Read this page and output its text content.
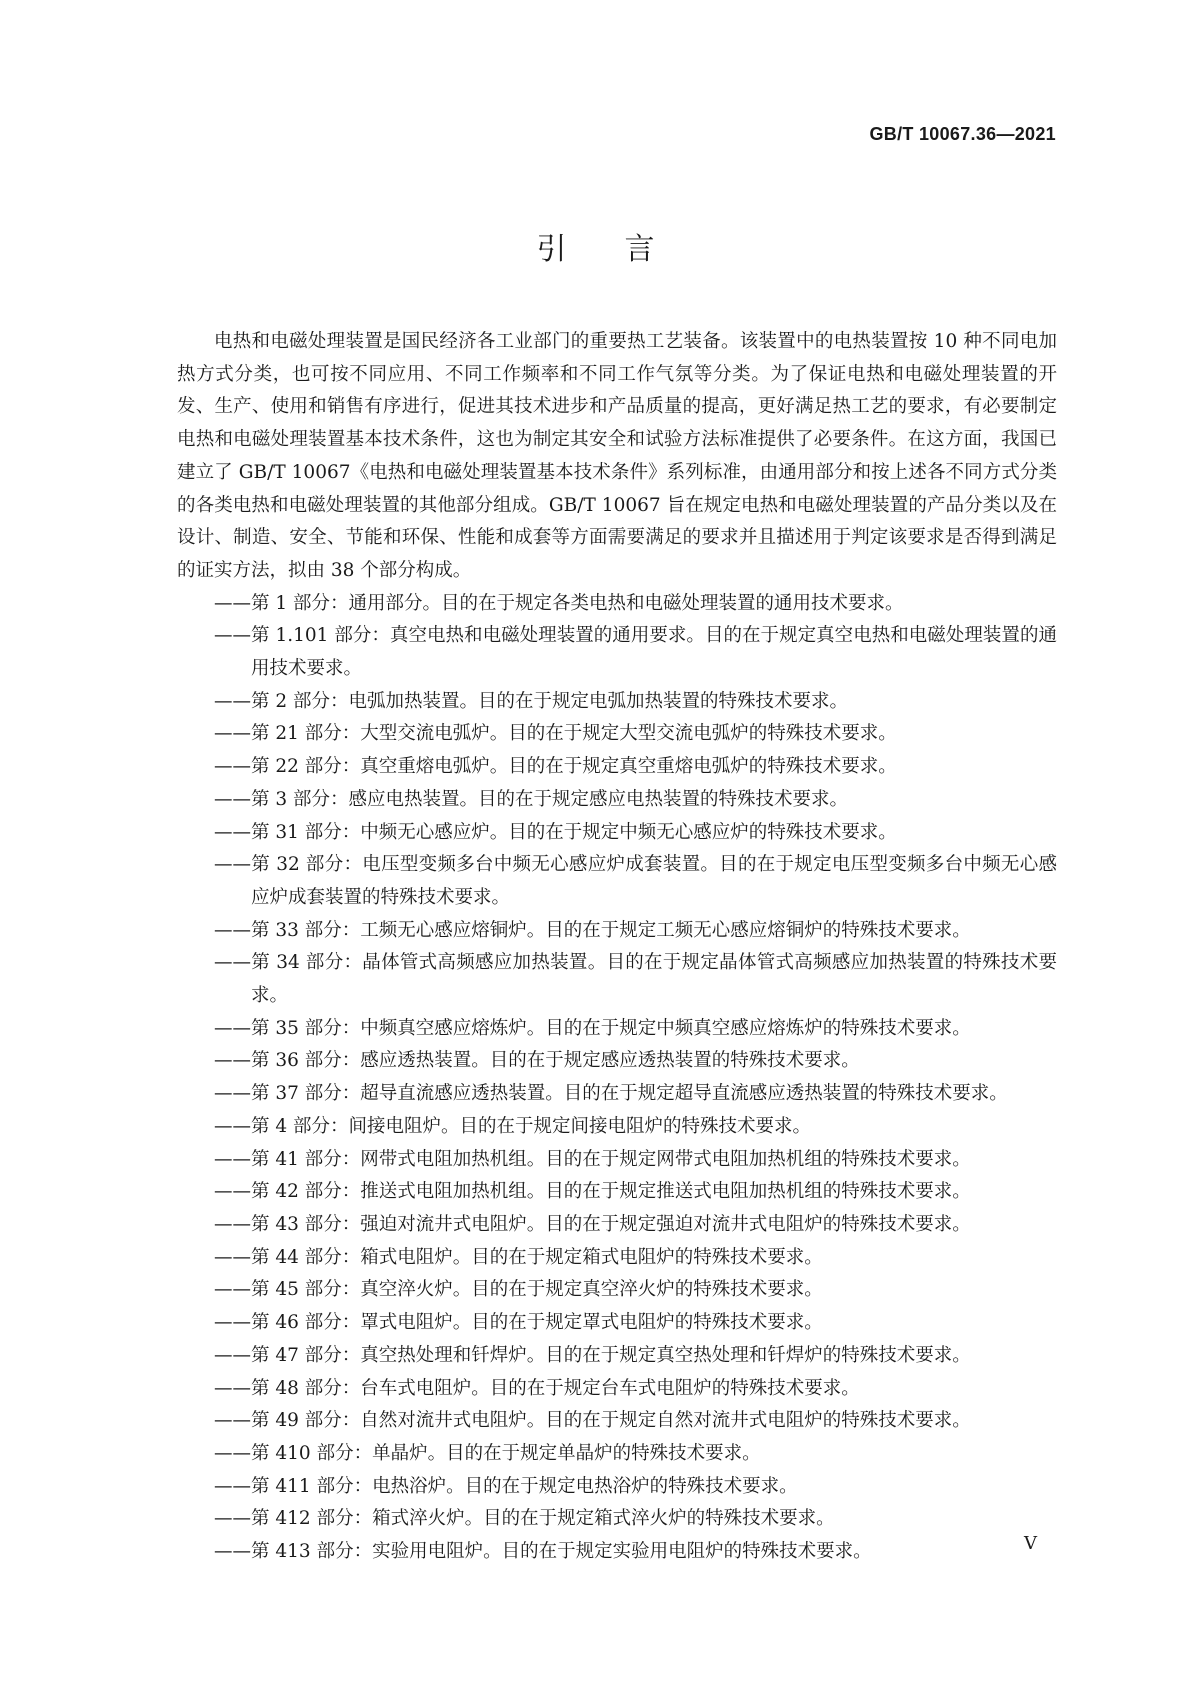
GB/T 10067.36—2021
引言

电热和电磁处理装置是国民经济各工业部门的重要热工艺装备。该装置中的电热装置按 10 种不同电加热方式分类，也可按不同应用、不同工作频率和不同工作气氛等分类。为了保证电热和电磁处理装置的开发、生产、使用和销售有序进行，促进其技术进步和产品质量的提高，更好满足热工艺的要求，有必要制定电热和电磁处理装置基本技术条件，这也为制定其安全和试验方法标准提供了必要条件。在这方面，我国已建立了 GB/T 10067《电热和电磁处理装置基本技术条件》系列标准，由通用部分和按上述各不同方式分类的各类电热和电磁处理装置的其他部分组成。GB/T 10067 旨在规定电热和电磁处理装置的产品分类以及在设计、制造、安全、节能和环保、性能和成套等方面需要满足的要求并且描述用于判定该要求是否得到满足的证实方法，拟由 38 个部分构成。

——第 1 部分：通用部分。目的在于规定各类电热和电磁处理装置的通用技术要求。
——第 1.101 部分：真空电热和电磁处理装置的通用要求。目的在于规定真空电热和电磁处理装置的通用技术要求。
——第 2 部分：电弧加热装置。目的在于规定电弧加热装置的特殊技术要求。
——第 21 部分：大型交流电弧炉。目的在于规定大型交流电弧炉的特殊技术要求。
——第 22 部分：真空重熔电弧炉。目的在于规定真空重熔电弧炉的特殊技术要求。
——第 3 部分：感应电热装置。目的在于规定感应电热装置的特殊技术要求。
——第 31 部分：中频无心感应炉。目的在于规定中频无心感应炉的特殊技术要求。
——第 32 部分：电压型变频多台中频无心感应炉成套装置。目的在于规定电压型变频多台中频无心感应炉成套装置的特殊技术要求。
——第 33 部分：工频无心感应熔铜炉。目的在于规定工频无心感应熔铜炉的特殊技术要求。
——第 34 部分：晶体管式高频感应加热装置。目的在于规定晶体管式高频感应加热装置的特殊技术要求。
——第 35 部分：中频真空感应熔炼炉。目的在于规定中频真空感应熔炼炉的特殊技术要求。
——第 36 部分：感应透热装置。目的在于规定感应透热装置的特殊技术要求。
——第 37 部分：超导直流感应透热装置。目的在于规定超导直流感应透热装置的特殊技术要求。
——第 4 部分：间接电阻炉。目的在于规定间接电阻炉的特殊技术要求。
——第 41 部分：网带式电阻加热机组。目的在于规定网带式电阻加热机组的特殊技术要求。
——第 42 部分：推送式电阻加热机组。目的在于规定推送式电阻加热机组的特殊技术要求。
——第 43 部分：强迫对流井式电阻炉。目的在于规定强迫对流井式电阻炉的特殊技术要求。
——第 44 部分：箱式电阻炉。目的在于规定箱式电阻炉的特殊技术要求。
——第 45 部分：真空淬火炉。目的在于规定真空淬火炉的特殊技术要求。
——第 46 部分：罩式电阻炉。目的在于规定罩式电阻炉的特殊技术要求。
——第 47 部分：真空热处理和钎焊炉。目的在于规定真空热处理和钎焊炉的特殊技术要求。
——第 48 部分：台车式电阻炉。目的在于规定台车式电阻炉的特殊技术要求。
——第 49 部分：自然对流井式电阻炉。目的在于规定自然对流井式电阻炉的特殊技术要求。
——第 410 部分：单晶炉。目的在于规定单晶炉的特殊技术要求。
——第 411 部分：电热浴炉。目的在于规定电热浴炉的特殊技术要求。
——第 412 部分：箱式淬火炉。目的在于规定箱式淬火炉的特殊技术要求。
——第 413 部分：实验用电阻炉。目的在于规定实验用电阻炉的特殊技术要求。	V
